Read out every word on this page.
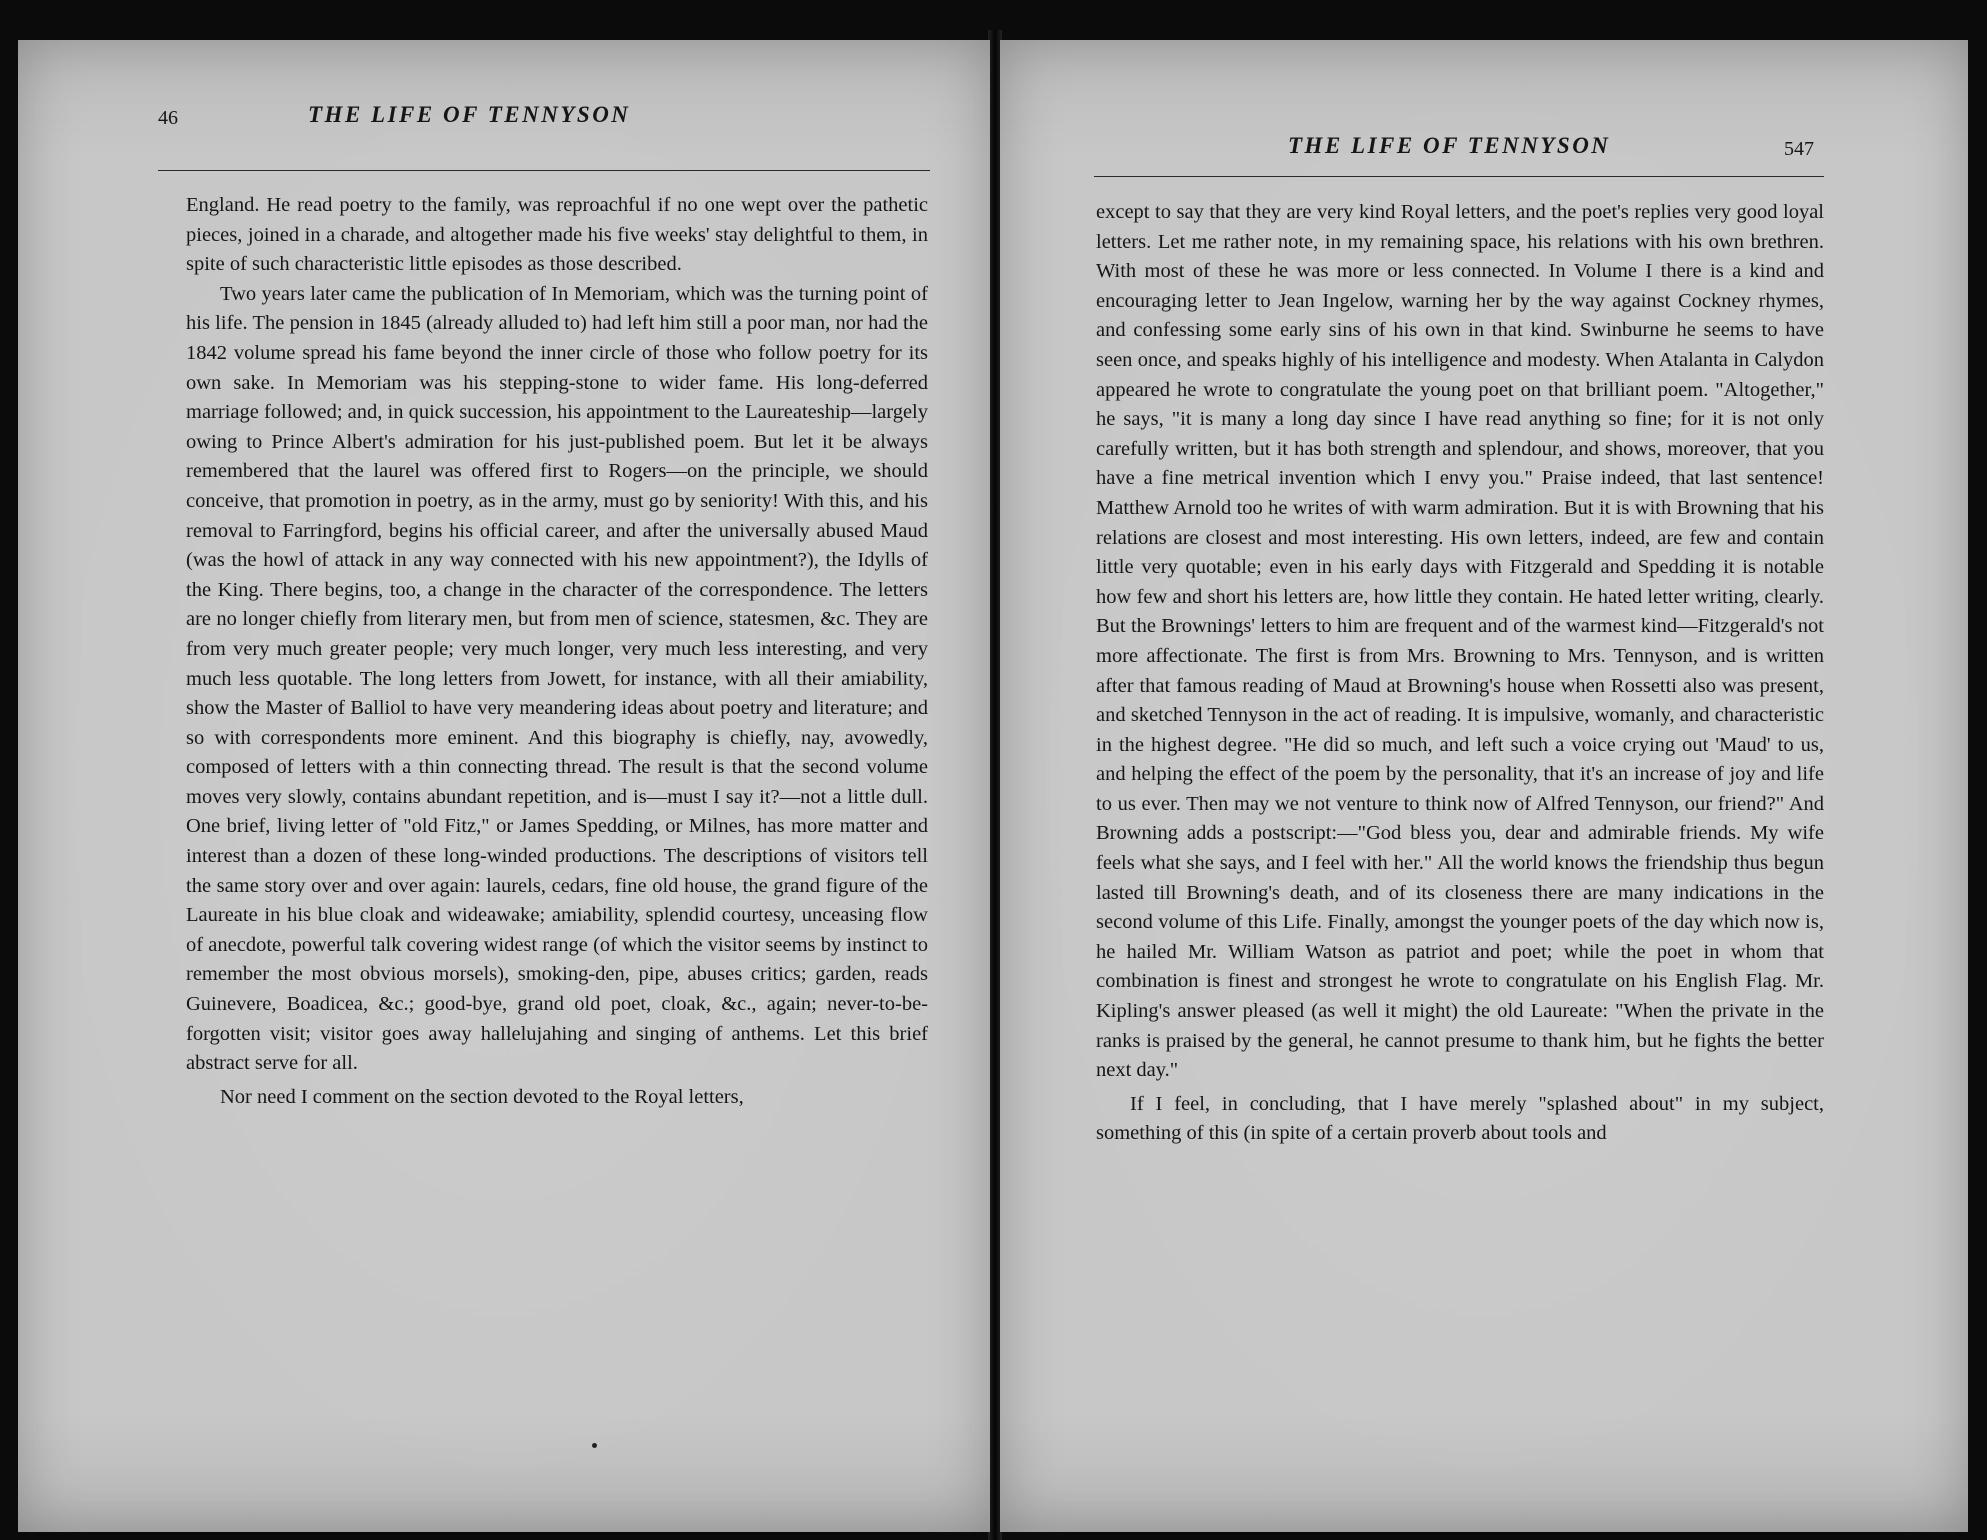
46	THE LIFE OF TENNYSON

England. He read poetry to the family, was reproachful if no one wept over the pathetic pieces, joined in a charade, and altogether made his five weeks' stay delightful to them, in spite of such characteristic little episodes as those described.

Two years later came the publication of In Memoriam, which was the turning point of his life. The pension in 1845 (already alluded to) had left him still a poor man, nor had the 1842 volume spread his fame beyond the inner circle of those who follow poetry for its own sake. In Memoriam was his stepping-stone to wider fame. His long-deferred marriage followed; and, in quick succession, his appointment to the Laureateship—largely owing to Prince Albert's admiration for his just-published poem. But let it be always remembered that the laurel was offered first to Rogers—on the principle, we should conceive, that promotion in poetry, as in the army, must go by seniority! With this, and his removal to Farringford, begins his official career, and after the universally abused Maud (was the howl of attack in any way connected with his new appointment?), the Idylls of the King. There begins, too, a change in the character of the correspondence. The letters are no longer chiefly from literary men, but from men of science, statesmen, &c. They are from very much greater people; very much longer, very much less interesting, and very much less quotable. The long letters from Jowett, for instance, with all their amiability, show the Master of Balliol to have very meandering ideas about poetry and literature; and so with correspondents more eminent. And this biography is chiefly, nay, avowedly, composed of letters with a thin connecting thread. The result is that the second volume moves very slowly, contains abundant repetition, and is—must I say it?—not a little dull. One brief, living letter of "old Fitz," or James Spedding, or Milnes, has more matter and interest than a dozen of these long-winded productions. The descriptions of visitors tell the same story over and over again: laurels, cedars, fine old house, the grand figure of the Laureate in his blue cloak and wideawake; amiability, splendid courtesy, unceasing flow of anecdote, powerful talk covering widest range (of which the visitor seems by instinct to remember the most obvious morsels), smoking-den, pipe, abuses critics; garden, reads Guinevere, Boadicea, &c.; good-bye, grand old poet, cloak, &c., again; never-to-be-forgotten visit; visitor goes away hallelujahing and singing of anthems. Let this brief abstract serve for all.

Nor need I comment on the section devoted to the Royal letters,

THE LIFE OF TENNYSON	547

except to say that they are very kind Royal letters, and the poet's replies very good loyal letters. Let me rather note, in my remaining space, his relations with his own brethren. With most of these he was more or less connected. In Volume I there is a kind and encouraging letter to Jean Ingelow, warning her by the way against Cockney rhymes, and confessing some early sins of his own in that kind. Swinburne he seems to have seen once, and speaks highly of his intelligence and modesty. When Atalanta in Calydon appeared he wrote to congratulate the young poet on that brilliant poem. "Altogether," he says, "it is many a long day since I have read anything so fine; for it is not only carefully written, but it has both strength and splendour, and shows, moreover, that you have a fine metrical invention which I envy you." Praise indeed, that last sentence! Matthew Arnold too he writes of with warm admiration. But it is with Browning that his relations are closest and most interesting. His own letters, indeed, are few and contain little very quotable; even in his early days with Fitzgerald and Spedding it is notable how few and short his letters are, how little they contain. He hated letter writing, clearly. But the Brownings' letters to him are frequent and of the warmest kind—Fitzgerald's not more affectionate. The first is from Mrs. Browning to Mrs. Tennyson, and is written after that famous reading of Maud at Browning's house when Rossetti also was present, and sketched Tennyson in the act of reading. It is impulsive, womanly, and characteristic in the highest degree. "He did so much, and left such a voice crying out 'Maud' to us, and helping the effect of the poem by the personality, that it's an increase of joy and life to us ever. Then may we not venture to think now of Alfred Tennyson, our friend?" And Browning adds a postscript:—"God bless you, dear and admirable friends. My wife feels what she says, and I feel with her." All the world knows the friendship thus begun lasted till Browning's death, and of its closeness there are many indications in the second volume of this Life. Finally, amongst the younger poets of the day which now is, he hailed Mr. William Watson as patriot and poet; while the poet in whom that combination is finest and strongest he wrote to congratulate on his English Flag. Mr. Kipling's answer pleased (as well it might) the old Laureate: "When the private in the ranks is praised by the general, he cannot presume to thank him, but he fights the better next day."

If I feel, in concluding, that I have merely "splashed about" in my subject, something of this (in spite of a certain proverb about tools and
